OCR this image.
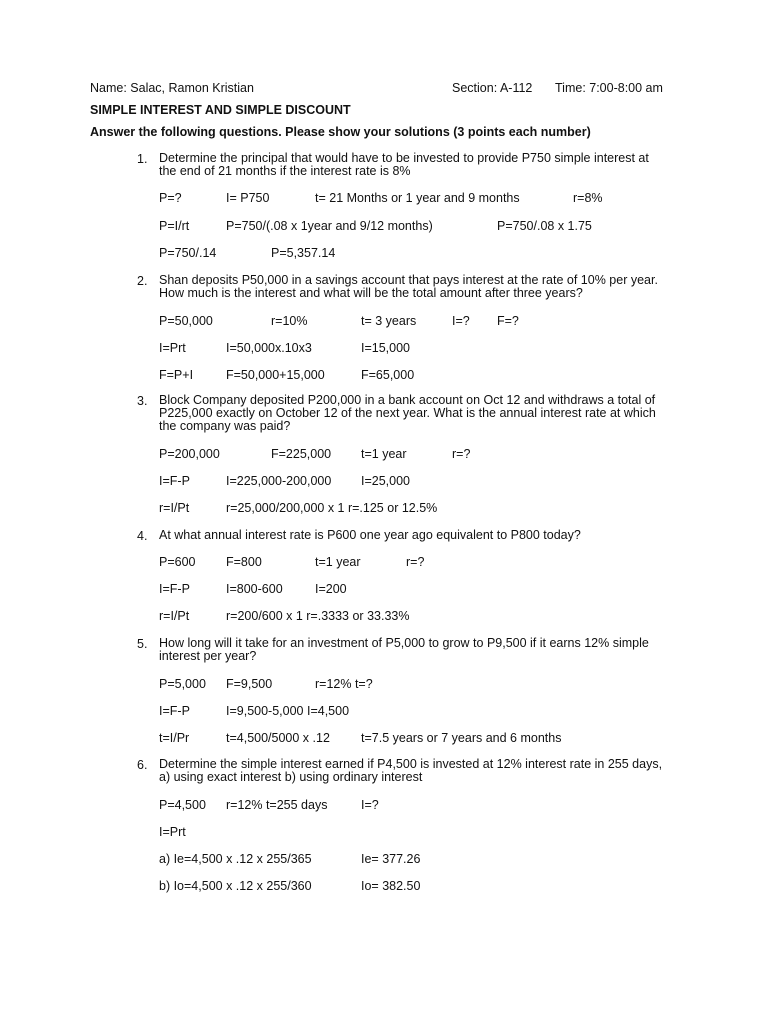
Name: Salac, Ramon Kristian	Section: A-112 Time: 7:00-8:00 am
SIMPLE INTEREST AND SIMPLE DISCOUNT
Answer the following questions. Please show your solutions (3 points each number)
1. Determine the principal that would have to be invested to provide P750 simple interest at the end of 21 months if the interest rate is 8%
P=?	I= P750	t= 21 Months or 1 year and 9 months	r=8%
P=I/rt	P=750/(.08 x 1year and 9/12 months)	P=750/.08 x 1.75
P=750/.14	P=5,357.14
2. Shan deposits P50,000 in a savings account that pays interest at the rate of 10% per year. How much is the interest and what will be the total amount after three years?
P=50,000	r=10%	t= 3 years	I=? F=?
I=Prt	I=50,000x.10x3	I=15,000
F=P+I	F=50,000+15,000	F=65,000
3. Block Company deposited P200,000 in a bank account on Oct 12 and withdraws a total of P225,000 exactly on October 12 of the next year. What is the annual interest rate at which the company was paid?
P=200,000	F=225,000 t=1 year	r=?
I=F-P	I=225,000-200,000 I=25,000
r=I/Pt	r=25,000/200,000 x 1 r=.125 or 12.5%
4. At what annual interest rate is P600 one year ago equivalent to P800 today?
P=600 F=800	t=1 year	r=?
I=F-P	I=800-600	I=200
r=I/Pt	r=200/600 x 1 r=.3333 or 33.33%
5. How long will it take for an investment of P5,000 to grow to P9,500 if it earns 12% simple interest per year?
P=5,000 F=9,500	r=12% t=?
I=F-P	I=9,500-5,000 I=4,500
t=I/Pr	t=4,500/5000 x .12 t=7.5 years or 7 years and 6 months
6. Determine the simple interest earned if P4,500 is invested at 12% interest rate in 255 days, a) using exact interest b) using ordinary interest
P=4,500 r=12% t=255 days	I=?
I=Prt
a) Ie=4,500 x .12 x 255/365	Ie= 377.26
b) Io=4,500 x .12 x 255/360	Io= 382.50
